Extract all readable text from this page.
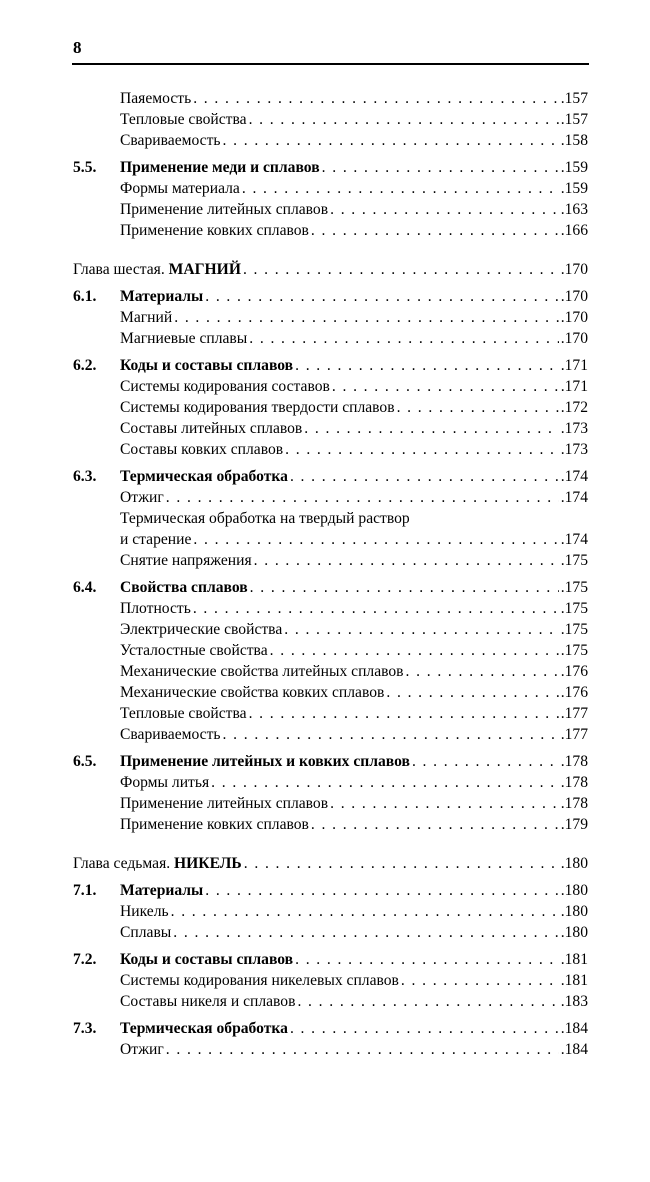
8
Паяемость . . .	.157
Тепловые свойства . . .	.157
Свариваемость . . .	.158
5.5. Применение меди и сплавов . . .	.159
Формы материала . . .	.159
Применение литейных сплавов . . .	.163
Применение ковких сплавов . . .	.166
Глава шестая. МАГНИЙ . . .	.170
6.1. Материалы . . .	.170
Магний . . .	.170
Магниевые сплавы . . .	.170
6.2. Коды и составы сплавов . . .	.171
Системы кодирования составов . . .	.171
Системы кодирования твердости сплавов . . .	.172
Составы литейных сплавов . . .	.173
Составы ковких сплавов . . .	.173
6.3. Термическая обработка . . .	.174
Отжиг . . .	.174
Термическая обработка на твердый раствор
и старение . . .	.174
Снятие напряжения . . .	.175
6.4. Свойства сплавов . . .	.175
Плотность . . .	.175
Электрические свойства . . .	.175
Усталостные свойства . . .	.175
Механические свойства литейных сплавов . . .	.176
Механические свойства ковких сплавов . . .	.176
Тепловые свойства . . .	.177
Свариваемость . . .	.177
6.5. Применение литейных и ковких сплавов . . .	.178
Формы литья . . .	.178
Применение литейных сплавов . . .	.178
Применение ковких сплавов . . .	.179
Глава седьмая. НИКЕЛЬ . . .	.180
7.1. Материалы . . .	.180
Никель . . .	.180
Сплавы . . .	.180
7.2. Коды и составы сплавов . . .	.181
Системы кодирования никелевых сплавов . . .	.181
Составы никеля и сплавов . . .	.183
7.3. Термическая обработка . . .	.184
Отжиг . . .	.184
